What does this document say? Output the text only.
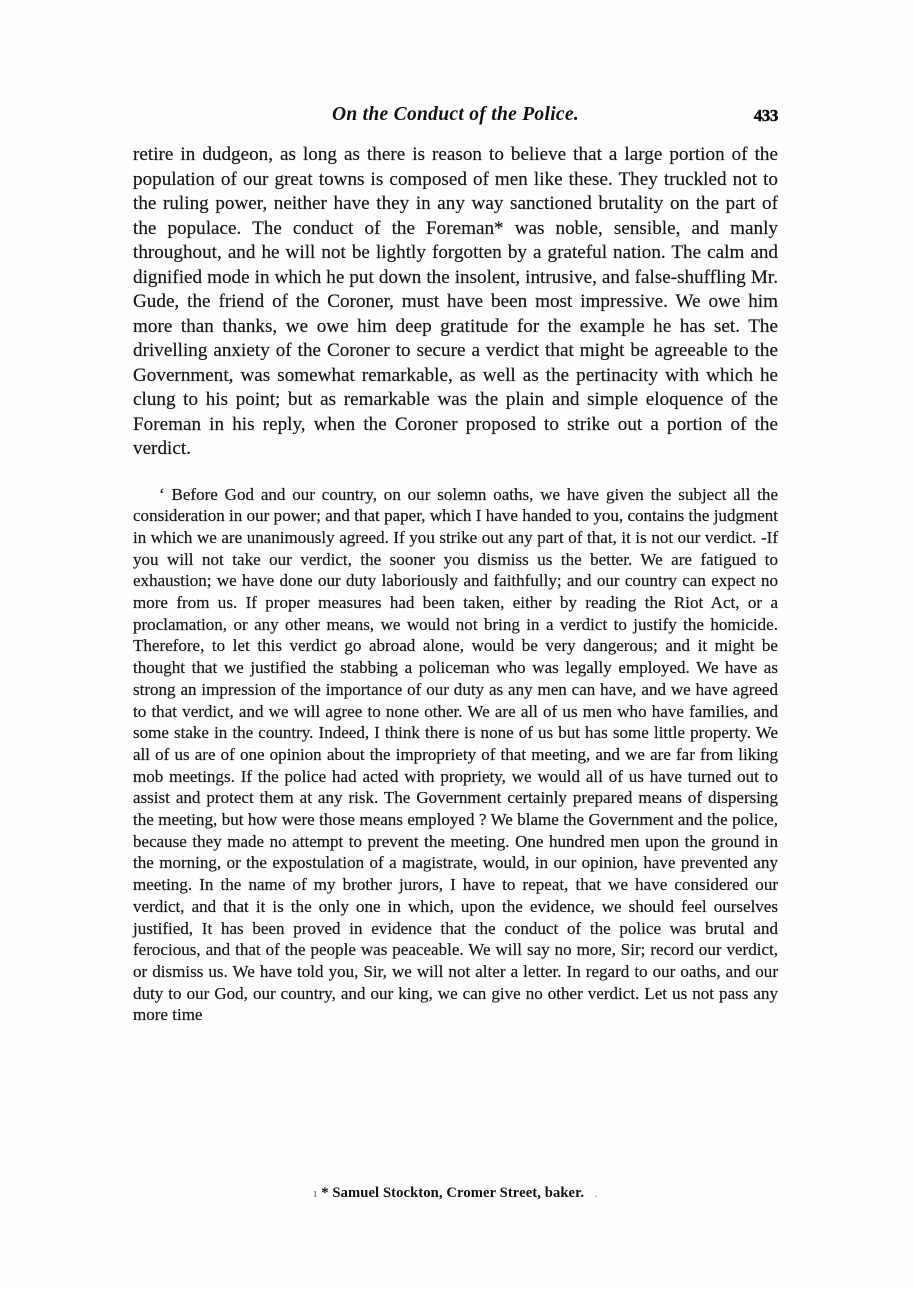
On the Conduct of the Police.	433

retire in dudgeon, as long as there is reason to believe that a large portion of the population of our great towns is composed of men like these. They truckled not to the ruling power, neither have they in any way sanctioned brutality on the part of the populace. The conduct of the Foreman* was noble, sensible, and manly throughout, and he will not be lightly forgotten by a grateful nation. The calm and dignified mode in which he put down the insolent, intrusive, and false-shuffling Mr. Gude, the friend of the Coroner, must have been most impressive. We owe him more than thanks, we owe him deep gratitude for the example he has set. The drivelling anxiety of the Coroner to secure a verdict that might be agreeable to the Government, was somewhat remarkable, as well as the pertinacity with which he clung to his point; but as remarkable was the plain and simple eloquence of the Foreman in his reply, when the Coroner proposed to strike out a portion of the verdict.

‘ Before God and our country, on our solemn oaths, we have given the subject all the consideration in our power; and that paper, which I have handed to you, contains the judgment in which we are unanimously agreed. If you strike out any part of that, it is not our verdict. -If you will not take our verdict, the sooner you dismiss us the better. We are fatigued to exhaustion; we have done our duty laboriously and faithfully; and our country can expect no more from us. If proper measures had been taken, either by reading the Riot Act, or a proclamation, or any other means, we would not bring in a verdict to justify the homicide. Therefore, to let this verdict go abroad alone, would be very dangerous; and it might be thought that we justified the stabbing a policeman who was legally employed. We have as strong an impression of the importance of our duty as any men can have, and we have agreed to that verdict, and we will agree to none other. We are all of us men who have families, and some stake in the country. Indeed, I think there is none of us but has some little property. We all of us are of one opinion about the impropriety of that meeting, and we are far from liking mob meetings. If the police had acted with propriety, we would all of us have turned out to assist and protect them at any risk. The Government certainly prepared means of dispersing the meeting, but how were those means employed ? We blame the Government and the police, because they made no attempt to prevent the meeting. One hundred men upon the ground in the morning, or the expostulation of a magistrate, would, in our opinion, have prevented any meeting. In the name of my brother jurors, I have to repeat, that we have considered our verdict, and that it is the only one in which, upon the evidence, we should feel ourselves justified, It has been proved in evidence that the conduct of the police was brutal and ferocious, and that of the people was peaceable. We will say no more, Sir; record our verdict, or dismiss us. We have told you, Sir, we will not alter a letter. In regard to our oaths, and our duty to our God, our country, and our king, we can give no other verdict. Let us not pass any more time

ı * Samuel Stockton, Cromer Street, baker. .
